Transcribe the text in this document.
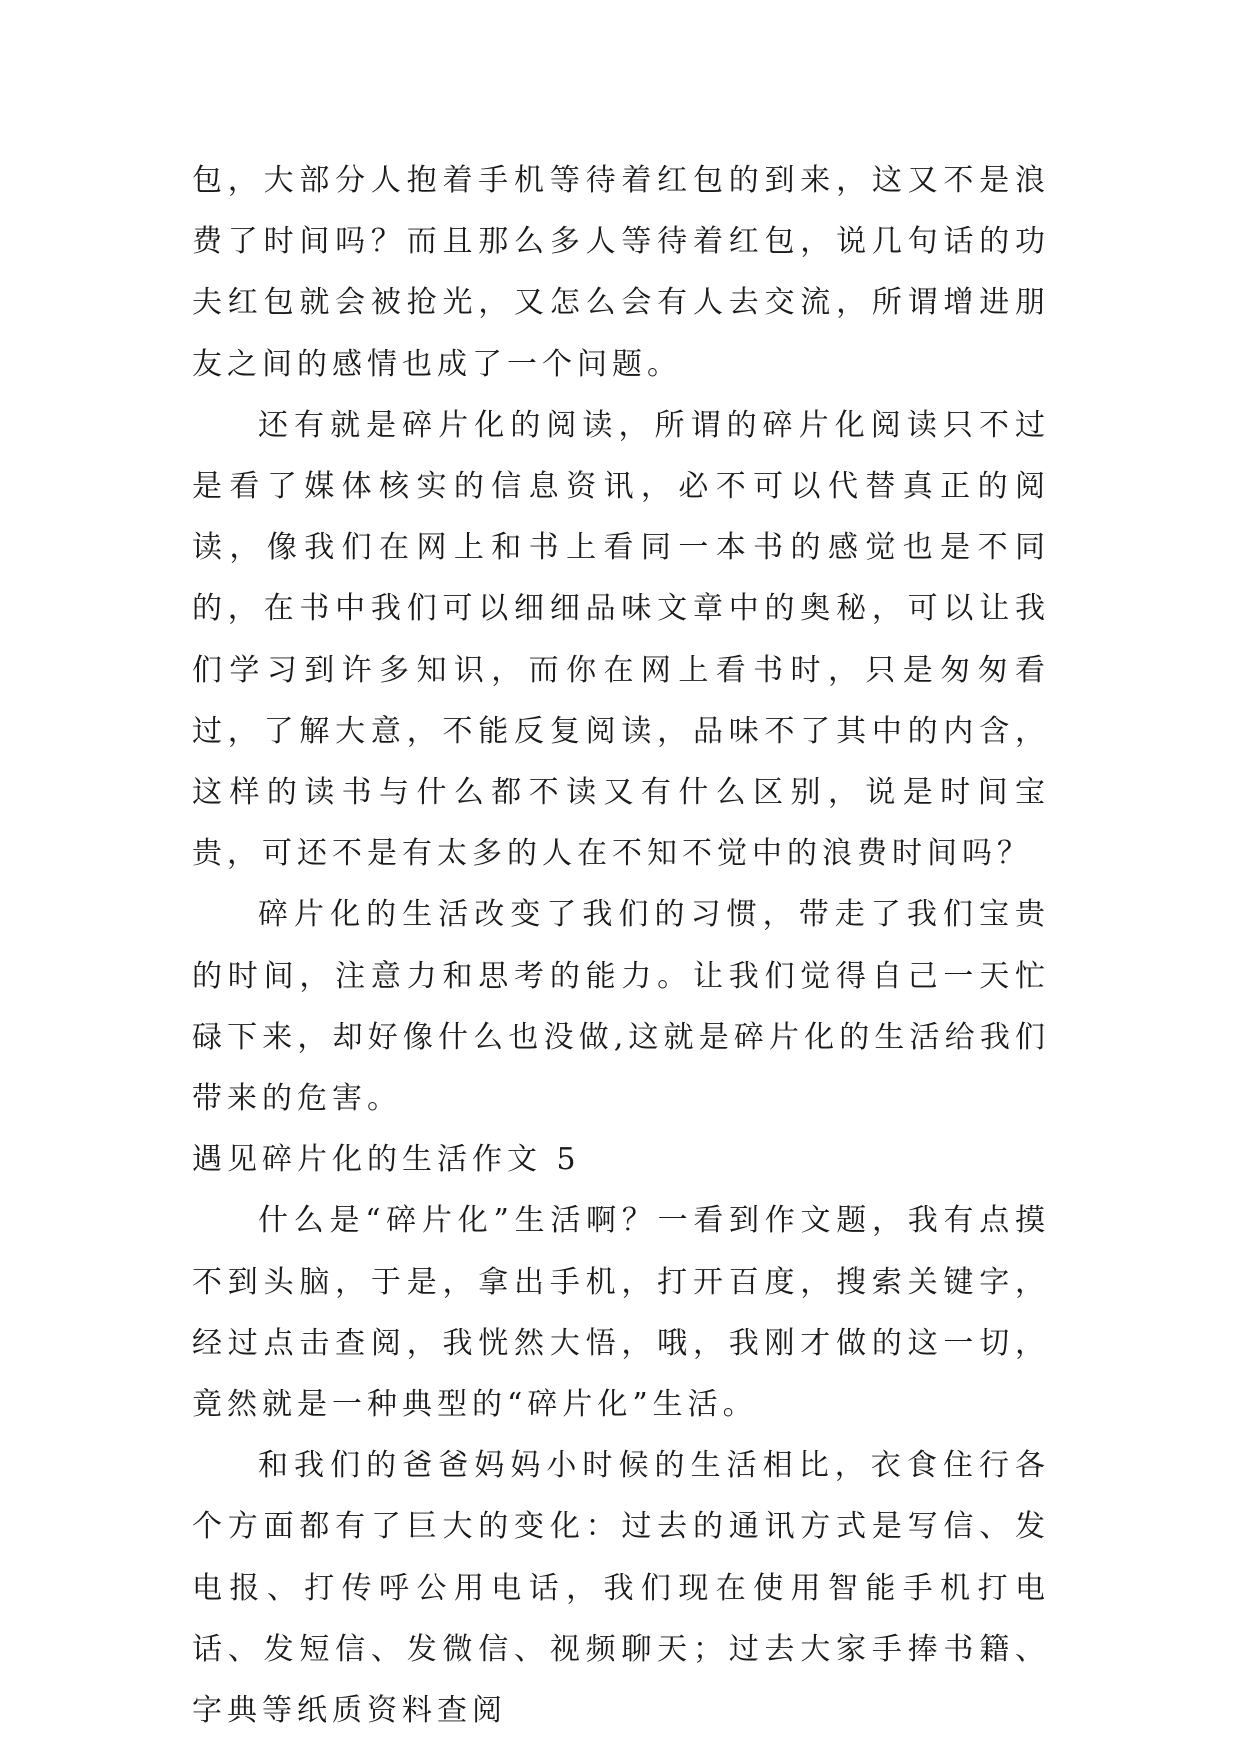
包，大部分人抱着手机等待着红包的到来，这又不是浪费了时间吗？而且那么多人等待着红包，说几句话的功夫红包就会被抢光，又怎么会有人去交流，所谓增进朋友之间的感情也成了一个问题。

还有就是碎片化的阅读，所谓的碎片化阅读只不过是看了媒体核实的信息资讯，必不可以代替真正的阅读，像我们在网上和书上看同一本书的感觉也是不同的，在书中我们可以细细品味文章中的奥秘，可以让我们学习到许多知识，而你在网上看书时，只是匆匆看过，了解大意，不能反复阅读，品味不了其中的内含，这样的读书与什么都不读又有什么区别，说是时间宝贵，可还不是有太多的人在不知不觉中的浪费时间吗？

碎片化的生活改变了我们的习惯，带走了我们宝贵的时间，注意力和思考的能力。让我们觉得自己一天忙碌下来，却好像什么也没做,这就是碎片化的生活给我们带来的危害。

遇见碎片化的生活作文 5

什么是“碎片化”生活啊？一看到作文题，我有点摸不到头脑，于是，拿出手机，打开百度，搜索关键字，经过点击查阅，我恍然大悟，哦，我刚才做的这一切，竟然就是一种典型的“碎片化”生活。

和我们的爸爸妈妈小时候的生活相比，衣食住行各个方面都有了巨大的变化：过去的通讯方式是写信、发电报、打传呼公用电话，我们现在使用智能手机打电话、发短信、发微信、视频聊天；过去大家手捧书籍、字典等纸质资料查阅
